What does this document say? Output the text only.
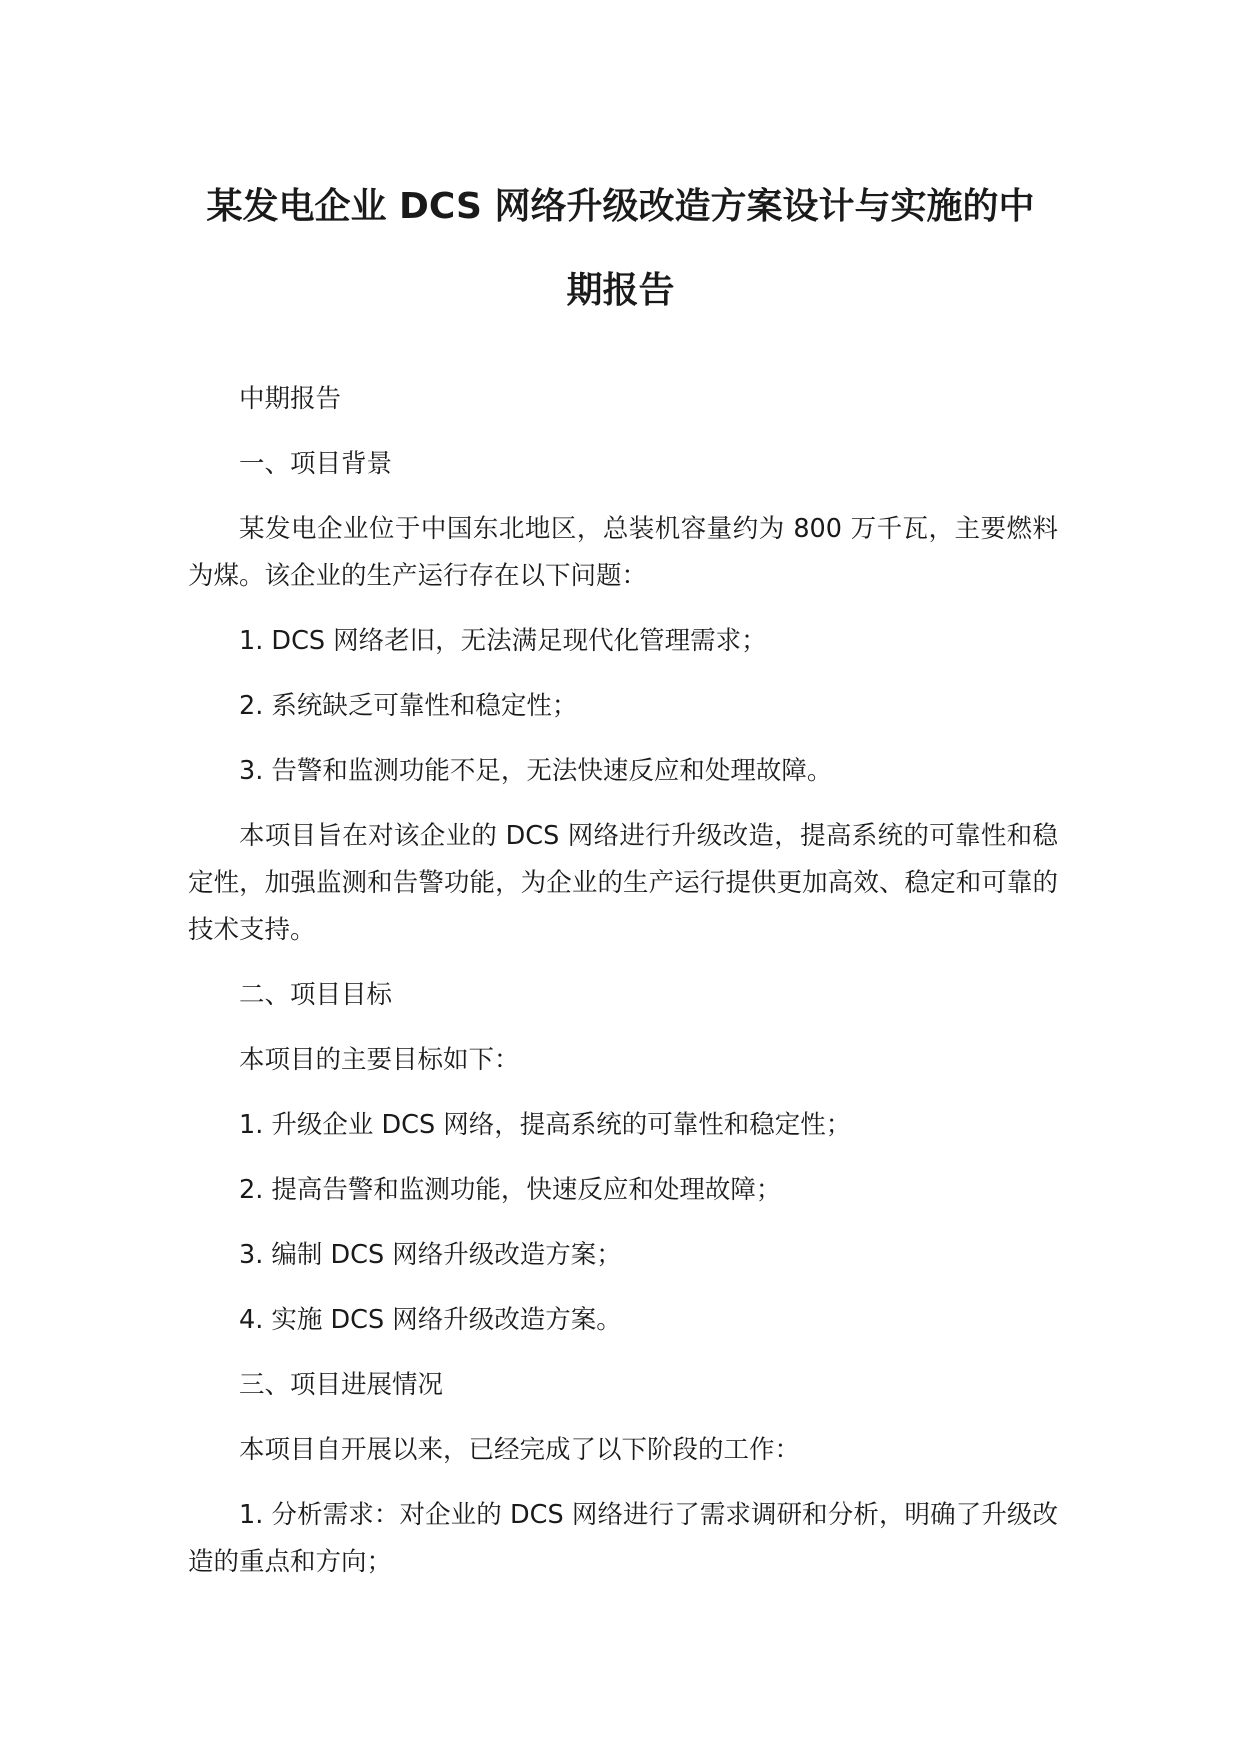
某发电企业 DCS 网络升级改造方案设计与实施的中
期报告

中期报告

一、项目背景

某发电企业位于中国东北地区，总装机容量约为 800 万千瓦，主要燃料为煤。该企业的生产运行存在以下问题：

1. DCS 网络老旧，无法满足现代化管理需求；

2. 系统缺乏可靠性和稳定性；

3. 告警和监测功能不足，无法快速反应和处理故障。

本项目旨在对该企业的 DCS 网络进行升级改造，提高系统的可靠性和稳定性，加强监测和告警功能，为企业的生产运行提供更加高效、稳定和可靠的技术支持。

二、项目目标

本项目的主要目标如下：

1. 升级企业 DCS 网络，提高系统的可靠性和稳定性；

2. 提高告警和监测功能，快速反应和处理故障；

3. 编制 DCS 网络升级改造方案；

4. 实施 DCS 网络升级改造方案。

三、项目进展情况

本项目自开展以来，已经完成了以下阶段的工作：

1. 分析需求：对企业的 DCS 网络进行了需求调研和分析，明确了升级改造的重点和方向；
